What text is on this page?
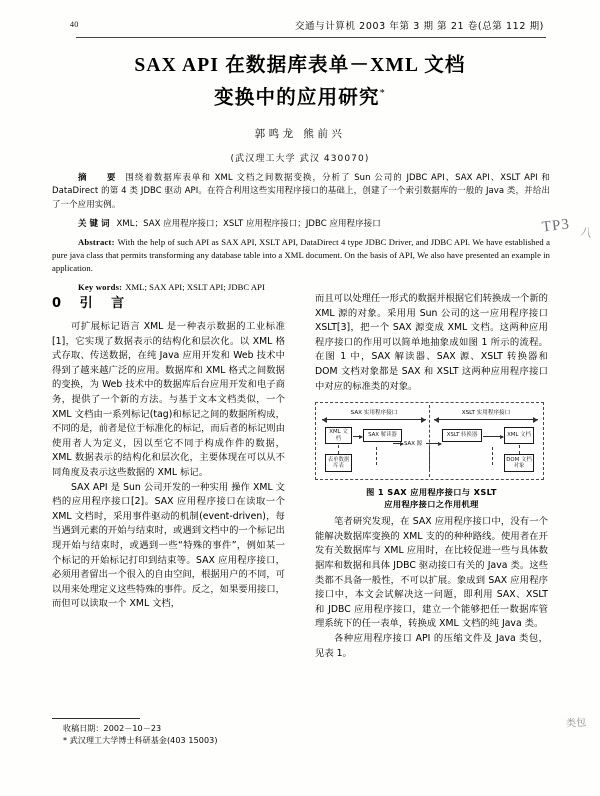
40	交通与计算机 2003 年第 3 期 第 21 卷(总第 112 期)
SAX API 在数据库表单－XML 文档
变换中的应用研究*
郭鸣龙 熊前兴
(武汉理工大学 武汉 430070)
摘　要 围绕着数据库表单和 XML 文档之间数据变换，分析了 Sun 公司的 JDBC API、SAX API、XSLT API 和 DataDirect 的第 4 类 JDBC 驱动 API。在符合利用这些实用程序接口的基础上，创建了一个索引数据库的一般的 Java 类，并给出了一个应用实例。
关键词 XML；SAX 应用程序接口；XSLT 应用程序接口；JDBC 应用程序接口
Abstract: With the help of such API as SAX API, XSLT API, DataDirect 4 type JDBC Driver, and JDBC API. We have established a pure java class that permits transforming any database table into a XML document. On the basis of API, We also have presented an example in application.
Key words: XML; SAX API; XSLT API; JDBC API
TP3 八
类包
0 引 言

可扩展标记语言 XML 是一种表示数据的工业标准[1]，它实现了数据表示的结构化和层次化。以 XML 格式存取、传送数据，在纯 Java 应用开发和 Web 技术中得到了越来越广泛的应用。数据库和 XML 格式之间数据的变换，为 Web 技术中的数据库后台应用开发和电子商务，提供了一个新的方法。与基于文本文档类似，一个 XML 文档由一系列标记(tag)和标记之间的数据所构成，不同的是，前者是位于标准化的标记，而后者的标记则由使用者人为定义，因以至它不同于构成作件的数据，XML 数据表示的结构化和层次化，主要体现在可以从不同角度及表示这些数据的 XML 标记。

SAX API 是 Sun 公司开发的一种实用 操作 XML 文档的应用程序接口[2]。SAX 应用程序接口在读取一个 XML 文档时，采用事件驱动的机制(event-driven)，每当遇到元素的开始与结束时，或遇到文档中的一个标记出现开始与结束时，或遇到一些“特殊的事件”，例如某一个标记的开始标记打印到结束等。SAX 应用程序接口，必须用者留出一个很入的自由空间，根据用户的不同，可以用来处理定义这些特殊的事件。反之，如果要用接口，而但可以读取一个 XML 文档，

而且可以处理任一形式的数据并根据它们转换成一个新的 XML 源的对象。采用用 Sun 公司的这一应用程序接口 XSLT[3]，把一个 SAX 源变成 XML 文档。这两种应用程序接口的作用可以简单地抽象成如图 1 所示的流程。在图 1 中，SAX 解读器、SAX 源、XSLT 转换器和 DOM 文档对象都是 SAX 和 XSLT 这两种应用程序接口中对应的标准类的对象。

SAX 实用程序接口	XSLT 实用程序接口
XML 文档
表单数据库表
SAX 解读器
SAX 源
XSLT 转换器	XML 文档
DOM 文档对象
图 1 SAX 应用程序接口与 XSLT
应用程序接口之作用机理

笔者研究发现，在 SAX 应用程序接口中，没有一个能解决数据库变换的 XML 支的的种种路线。使用者在开发有关数据库与 XML 应用时，在比较促进一些与具体数据库和数据和具体 JDBC 驱动接口有关的 Java 类。这些类都不具备一般性，不可以扩展。象成到 SAX 应用程序接口中，本文会试解决这一问题，即利用 SAX、XSLT 和 JDBC 应用程序接口，建立一个能够把任一数据库管理系统下的任一表单，转换成 XML 文档的纯 Java 类。

各种应用程序接口 API 的压缩文件及 Java 类包，见表 1。

收稿日期：2002－10－23
* 武汉理工大学博士科研基金(403 15003)
